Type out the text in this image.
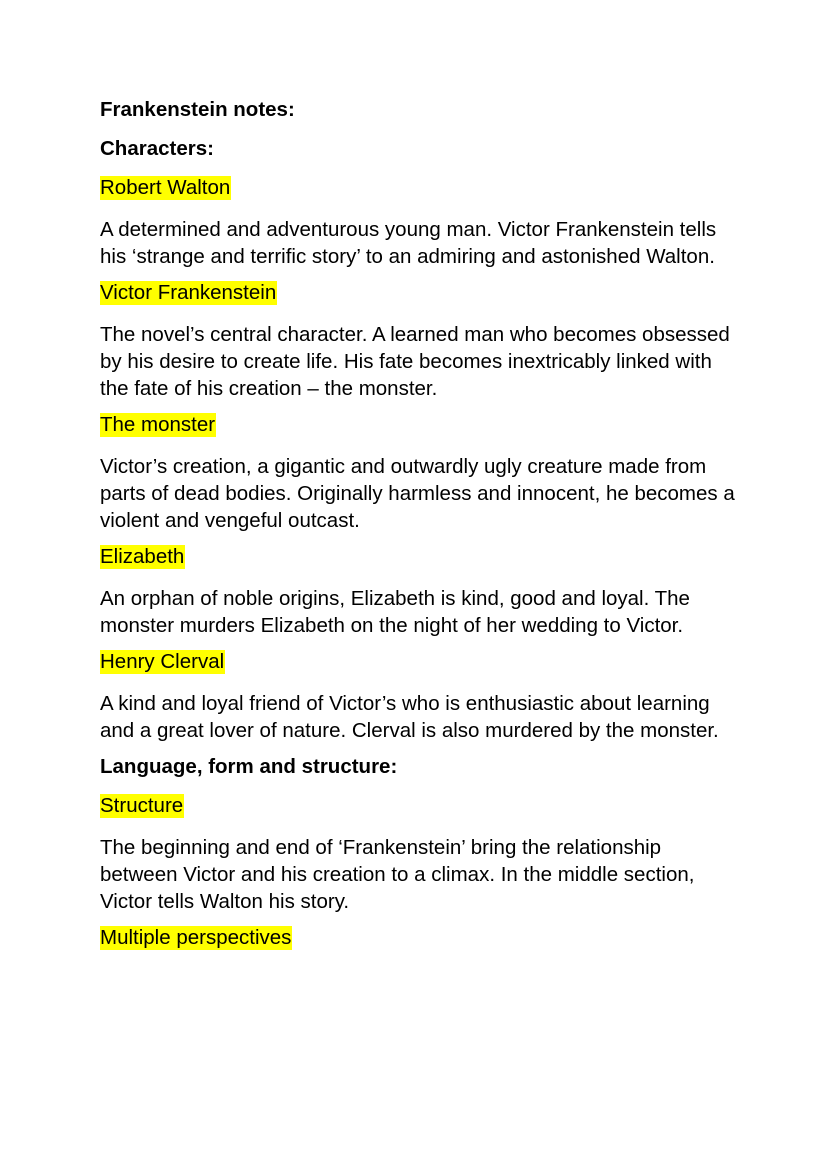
Frankenstein notes:
Characters:
Robert Walton
A determined and adventurous young man. Victor Frankenstein tells his ‘strange and terrific story’ to an admiring and astonished Walton.
Victor Frankenstein
The novel’s central character. A learned man who becomes obsessed by his desire to create life. His fate becomes inextricably linked with the fate of his creation – the monster.
The monster
Victor’s creation, a gigantic and outwardly ugly creature made from parts of dead bodies. Originally harmless and innocent, he becomes a violent and vengeful outcast.
Elizabeth
An orphan of noble origins, Elizabeth is kind, good and loyal. The monster murders Elizabeth on the night of her wedding to Victor.
Henry Clerval
A kind and loyal friend of Victor’s who is enthusiastic about learning and a great lover of nature. Clerval is also murdered by the monster.
Language, form and structure:
Structure
The beginning and end of ‘Frankenstein’ bring the relationship between Victor and his creation to a climax. In the middle section, Victor tells Walton his story.
Multiple perspectives
